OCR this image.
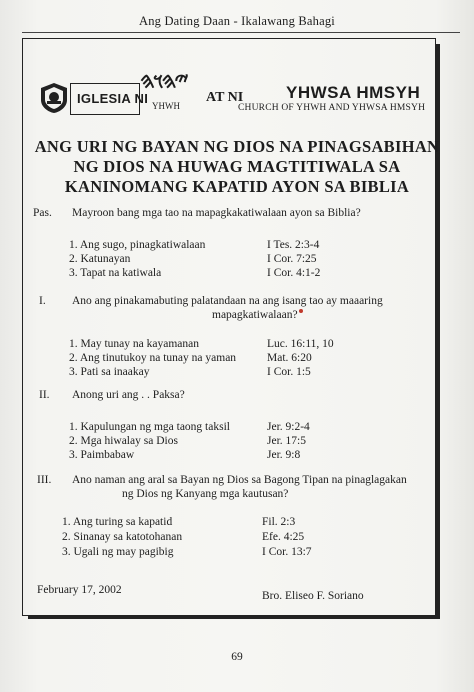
Ang Dating Daan - Ikalawang Bahagi
IGLESIA NI
𐤉𐤄𐤅𐤄
YHWH
AT NI	YHWSA HMSYH
CHURCH OF YHWH AND YHWSA HMSYH
ANG URI NG BAYAN NG DIOS NA PINAGSABIHAN
NG DIOS NA HUWAG MAGTITIWALA SA
KANINOMANG KAPATID AYON SA BIBLIA
Pas. Mayroon bang mga tao na mapagkakatiwalaan ayon sa Biblia?
1. Ang sugo, pinagkatiwalaan	I Tes. 2:3-4
2. Katunayan	I Cor. 7:25
3. Tapat na katiwala	I Cor. 4:1-2
I. Ano ang pinakamabuting palatandaan na ang isang tao ay maaaring
mapagkatiwalaan?
1. May tunay na kayamanan	Luc. 16:11, 10
2. Ang tinutukoy na tunay na yaman	Mat. 6:20
3. Pati sa inaakay	I Cor. 1:5
II. Anong uri ang . . Paksa?
1. Kapulungan ng mga taong taksil	Jer. 9:2-4
2. Mga hiwalay sa Dios	Jer. 17:5
3. Paimbabaw	Jer. 9:8
III. Ano naman ang aral sa Bayan ng Dios sa Bagong Tipan na pinaglagakan
ng Dios ng Kanyang mga kautusan?
1. Ang turing sa kapatid	Fil. 2:3
2. Sinanay sa katotohanan	Efe. 4:25
3. Ugali ng may pagibig	I Cor. 13:7
February 17, 2002	Bro. Eliseo F. Soriano
69
